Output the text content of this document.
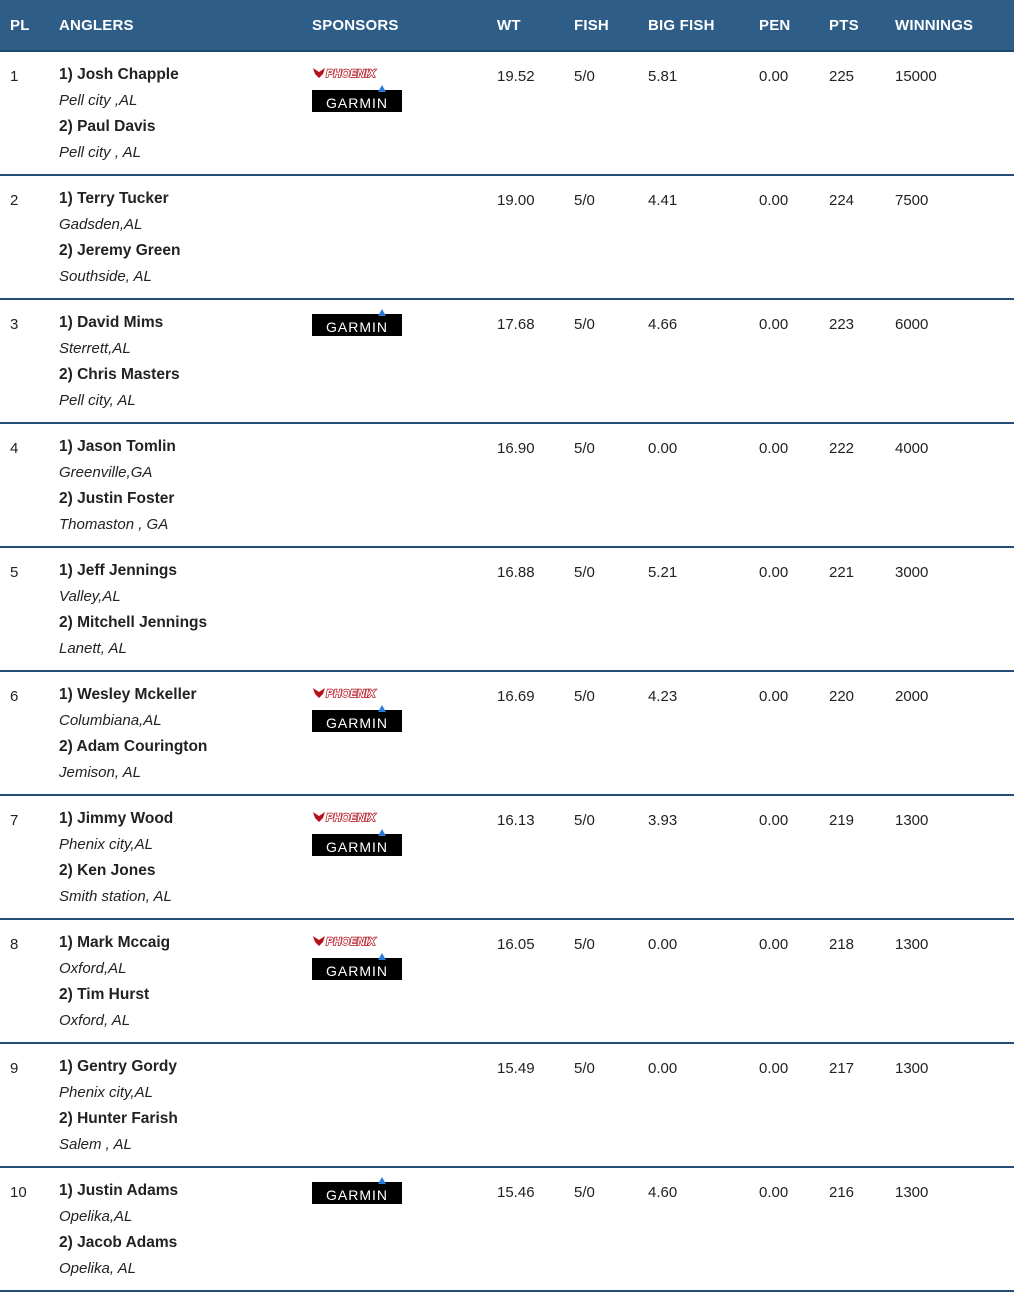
PL ANGLERS	SPONSORS	WT	FISH	BIG FISH	PEN	PTS WINNINGS
1	1) Josh Chapple
Pell city ,AL
2) Paul Davis
Pell city , AL
PHOENIX
GARMIN
19.52	5/0	5.81	0.00	225	15000
2	1) Terry Tucker
Gadsden,AL
2) Jeremy Green
Southside, AL
19.00	5/0	4.41	0.00	224	7500
3	1) David Mims
Sterrett,AL
2) Chris Masters
Pell city, AL
GARMIN	17.68	5/0	4.66	0.00	223	6000
4	1) Jason Tomlin
Greenville,GA
2) Justin Foster
Thomaston , GA
16.90	5/0	0.00	0.00	222	4000
5	1) Jeff Jennings
Valley,AL
2) Mitchell Jennings
Lanett, AL
16.88	5/0	5.21	0.00	221	3000
6	1) Wesley Mckeller
Columbiana,AL
2) Adam Courington
Jemison, AL
PHOENIX
GARMIN
16.69	5/0	4.23	0.00	220	2000
7	1) Jimmy Wood
Phenix city,AL
2) Ken Jones
Smith station, AL
PHOENIX
GARMIN
16.13	5/0	3.93	0.00	219	1300
8	1) Mark Mccaig
Oxford,AL
2) Tim Hurst
Oxford, AL
PHOENIX
GARMIN
16.05	5/0	0.00	0.00	218	1300
9	1) Gentry Gordy
Phenix city,AL
2) Hunter Farish
Salem , AL
15.49	5/0	0.00	0.00	217	1300
10 1) Justin Adams
Opelika,AL
2) Jacob Adams
Opelika, AL
GARMIN	15.46	5/0	4.60	0.00	216	1300
